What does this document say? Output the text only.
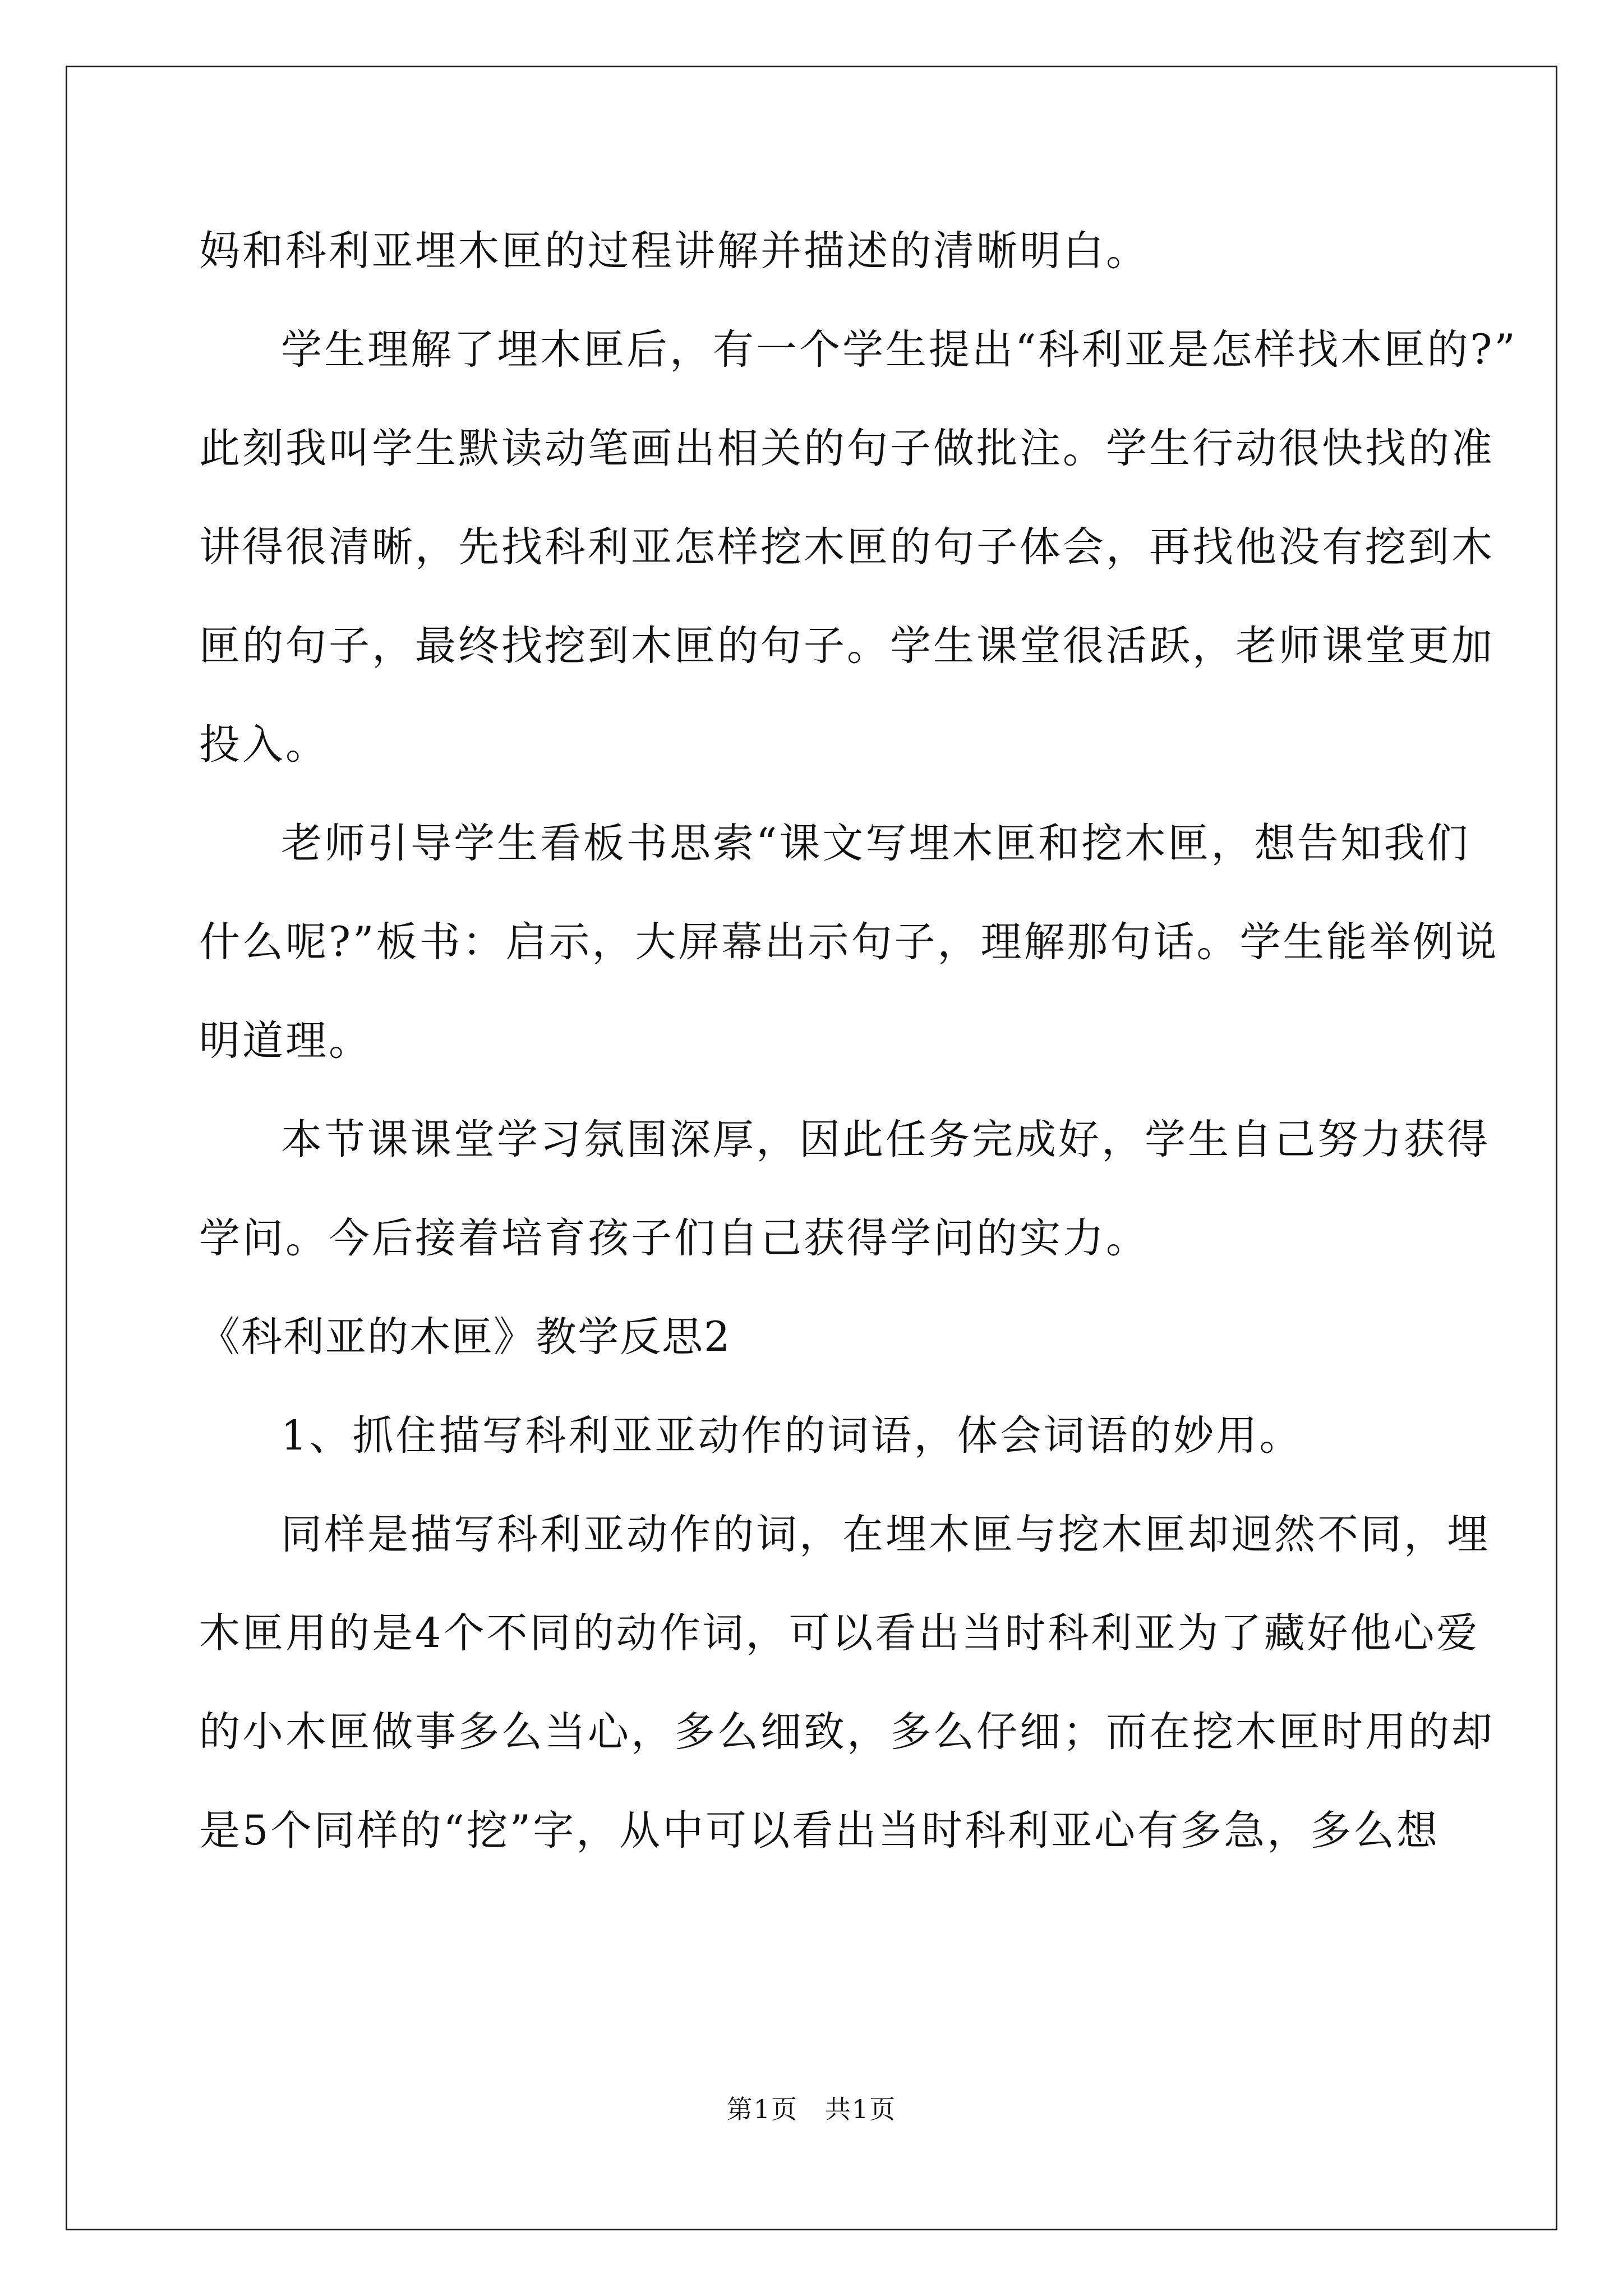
妈和科利亚埋木匣的过程讲解并描述的清晰明白。
学生理解了埋木匣后，有一个学生提出“科利亚是怎样找木匣的?”
此刻我叫学生默读动笔画出相关的句子做批注。学生行动很快找的准
讲得很清晰，先找科利亚怎样挖木匣的句子体会，再找他没有挖到木
匣的句子，最终找挖到木匣的句子。学生课堂很活跃，老师课堂更加
投入。
老师引导学生看板书思索“课文写埋木匣和挖木匣，想告知我们
什么呢?”板书：启示，大屏幕出示句子，理解那句话。学生能举例说
明道理。
本节课课堂学习氛围深厚，因此任务完成好，学生自己努力获得
学问。今后接着培育孩子们自己获得学问的实力。
《科利亚的木匣》教学反思2
1、抓住描写科利亚亚动作的词语，体会词语的妙用。
同样是描写科利亚动作的词，在埋木匣与挖木匣却迥然不同，埋
木匣用的是4个不同的动作词，可以看出当时科利亚为了藏好他心爱
的小木匣做事多么当心，多么细致，多么仔细；而在挖木匣时用的却
是5个同样的“挖”字，从中可以看出当时科利亚心有多急，多么想
第1页　共1页
